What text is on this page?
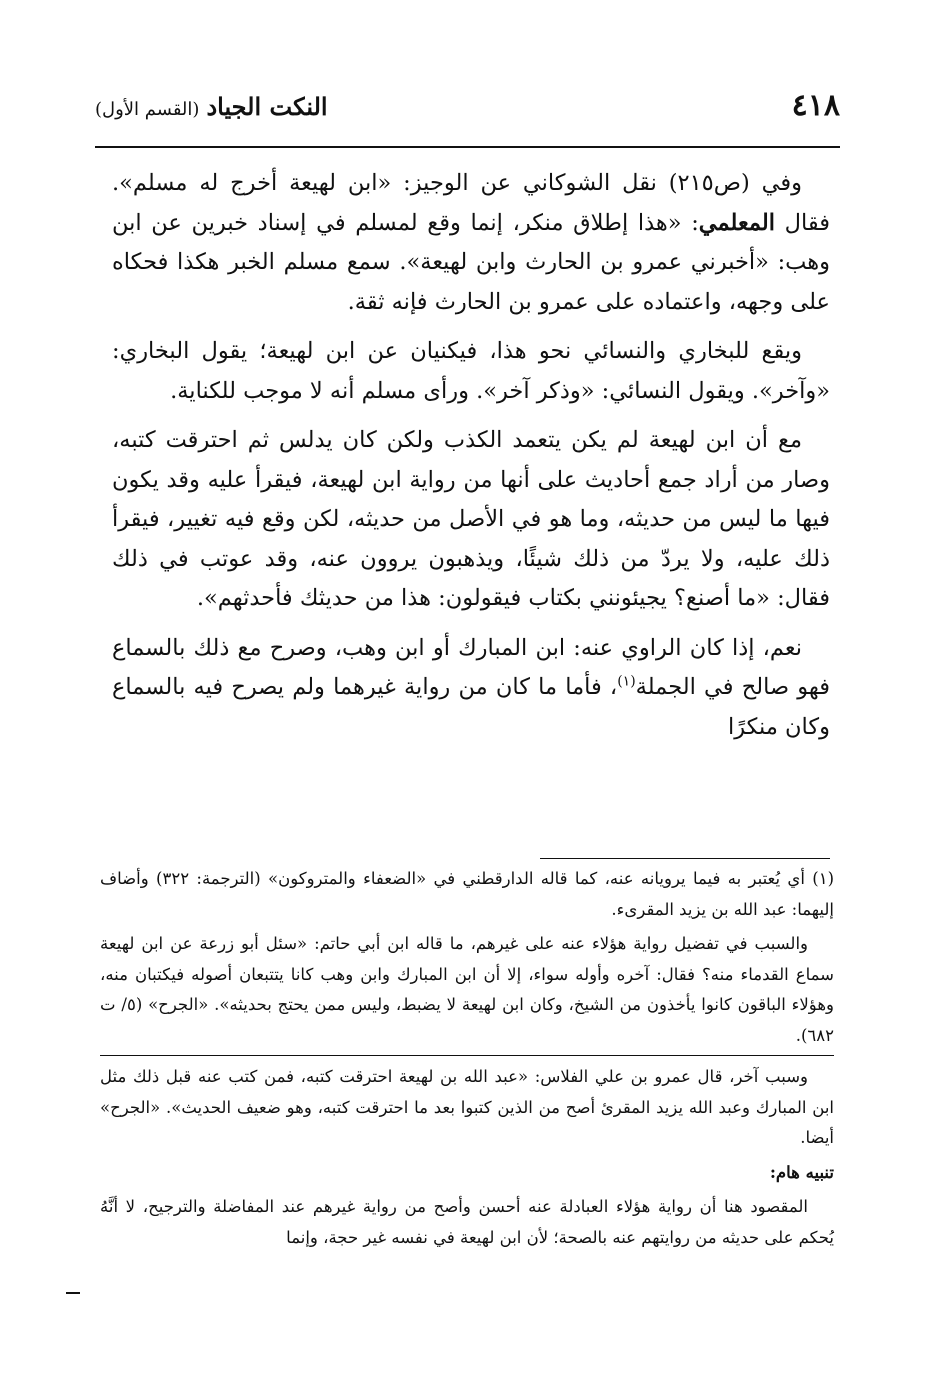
٤١٨
النكت الجياد (القسم الأول)

وفي (ص٢١٥) نقل الشوكاني عن الوجيز: «ابن لهيعة أخرج له مسلم». فقال المعلمي: «هذا إطلاق منكر، إنما وقع لمسلم في إسناد خبرين عن ابن وهب: «أخبرني عمرو بن الحارث وابن لهيعة». سمع مسلم الخبر هكذا فحكاه على وجهه، واعتماده على عمرو بن الحارث فإنه ثقة.

ويقع للبخاري والنسائي نحو هذا، فيكنيان عن ابن لهيعة؛ يقول البخاري: «وآخر». ويقول النسائي: «وذكر آخر». ورأى مسلم أنه لا موجب للكناية.

مع أن ابن لهيعة لم يكن يتعمد الكذب ولكن كان يدلس ثم احترقت كتبه، وصار من أراد جمع أحاديث على أنها من رواية ابن لهيعة، فيقرأ عليه وقد يكون فيها ما ليس من حديثه، وما هو في الأصل من حديثه، لكن وقع فيه تغيير، فيقرأ ذلك عليه، ولا يردّ من ذلك شيئًا، ويذهبون يروون عنه، وقد عوتب في ذلك فقال: «ما أصنع؟ يجيئونني بكتاب فيقولون: هذا من حديثك فأحدثهم».

نعم، إذا كان الراوي عنه: ابن المبارك أو ابن وهب، وصرح مع ذلك بالسماع فهو صالح في الجملة$^{(١)}$، فأما ما كان من رواية غيرهما ولم يصرح فيه بالسماع وكان منكرًا

(١) أي يُعتبر به فيما يرويانه عنه، كما قاله الدارقطني في «الضعفاء والمتروكون» (الترجمة: ٣٢٢) وأضاف إليهما: عبد الله بن يزيد المقرىء.

والسبب في تفضيل رواية هؤلاء عنه على غيرهم، ما قاله ابن أبي حاتم: «سئل أبو زرعة عن ابن لهيعة سماع القدماء منه؟ فقال: آخره وأوله سواء، إلا أن ابن المبارك وابن وهب كانا يتتبعان أصوله فيكتبان منه، وهؤلاء الباقون كانوا يأخذون من الشيخ، وكان ابن لهيعة لا يضبط، وليس ممن يحتج بحديثه». «الجرح» (٥/ ت ٦٨٢).

وسبب آخر، قال عمرو بن علي الفلاس: «عبد الله بن لهيعة احترقت كتبه، فمن كتب عنه قبل ذلك مثل ابن المبارك وعبد الله يزيد المقرئ أصح من الذين كتبوا بعد ما احترقت كتبه، وهو ضعيف الحديث». «الجرح» أيضا.

تنبيه هام:

المقصود هنا أن رواية هؤلاء العبادلة عنه أحسن وأصح من رواية غيرهم عند المفاضلة والترجيح، لا أنَّهُ يُحكم على حديثه من روايتهم عنه بالصحة؛ لأن ابن لهيعة في نفسه غير حجة، وإنما
